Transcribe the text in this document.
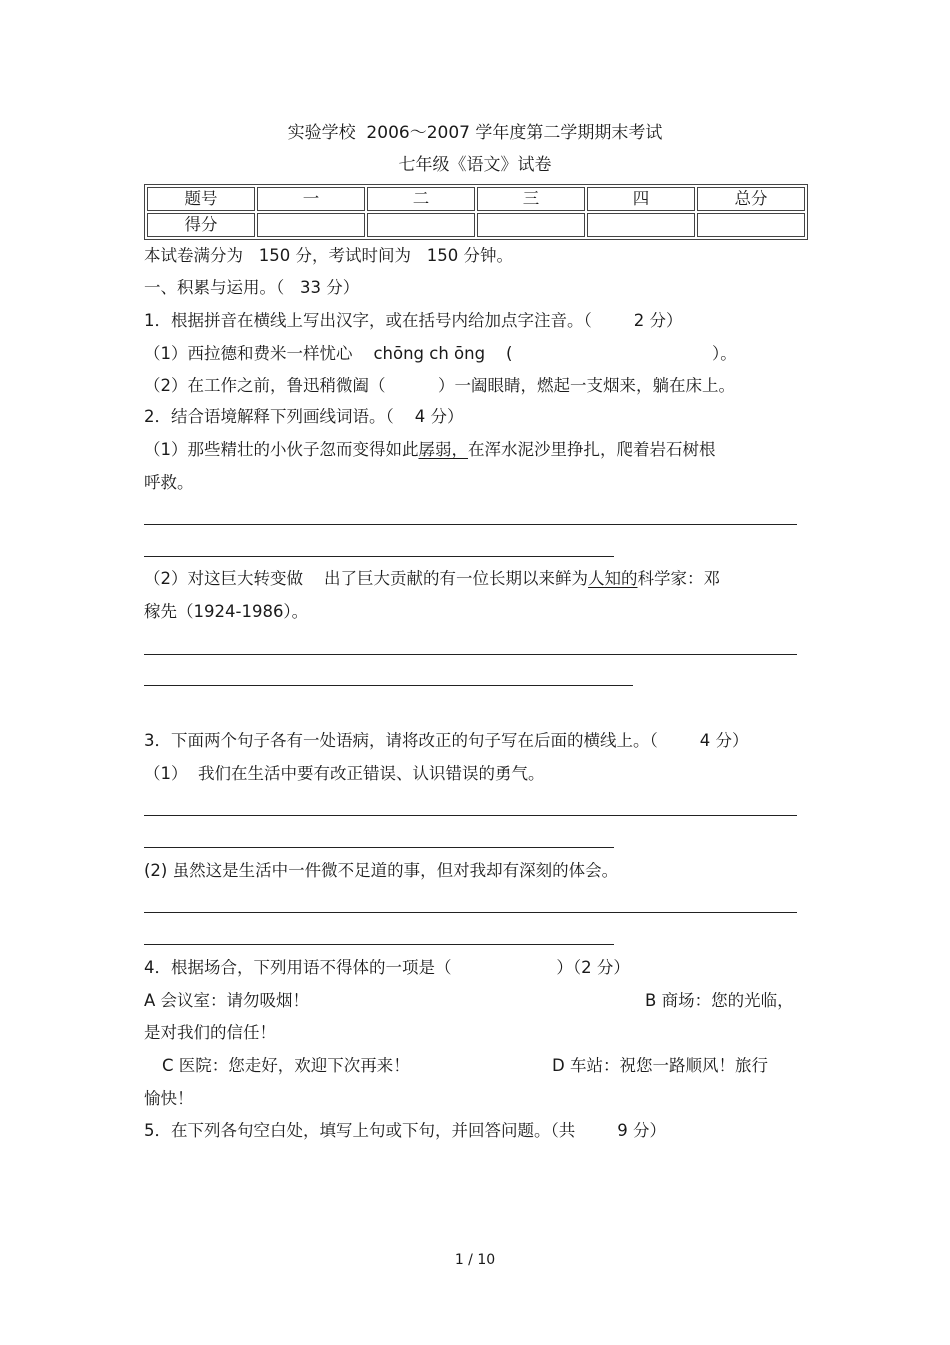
实验学校  2006～2007 学年度第二学期期末考试
七年级《语文》试卷
题号	一	二	三	四	总分
得分					
本试卷满分为   150 分，考试时间为   150 分钟。
一、积累与运用。（   33 分）
1．根据拼音在横线上写出汉字，或在括号内给加点字注音。（        2 分）
（1）西拉德和费米一样忧心    chōng ch ōng    (	）。
（2）在工作之前，鲁迅稍微阖（          ）一阖眼睛，燃起一支烟来，躺在床上。
2．结合语境解释下列画线词语。（    4 分）
（1）那些精壮的小伙子忽而变得如此孱弱，在浑水泥沙里挣扎，爬着岩石树根
呼救。
（2）对这巨大转变做    出了巨大贡献的有一位长期以来鲜为人知的科学家：邓
稼先（1924-1986）。
3．下面两个句子各有一处语病，请将改正的句子写在后面的横线上。（        4 分）
（1）  我们在生活中要有改正错误、认识错误的勇气。
(2) 虽然这是生活中一件微不足道的事，但对我却有深刻的体会。
4．根据场合，下列用语不得体的一项是（                    ）（2 分）
A 会议室：请勿吸烟！	B 商场：您的光临，
是对我们的信任！
C 医院：您走好，欢迎下次再来！	D 车站：祝您一路顺风！旅行
愉快！
5．在下列各句空白处，填写上句或下句，并回答问题。（共        9 分）
1 / 10
